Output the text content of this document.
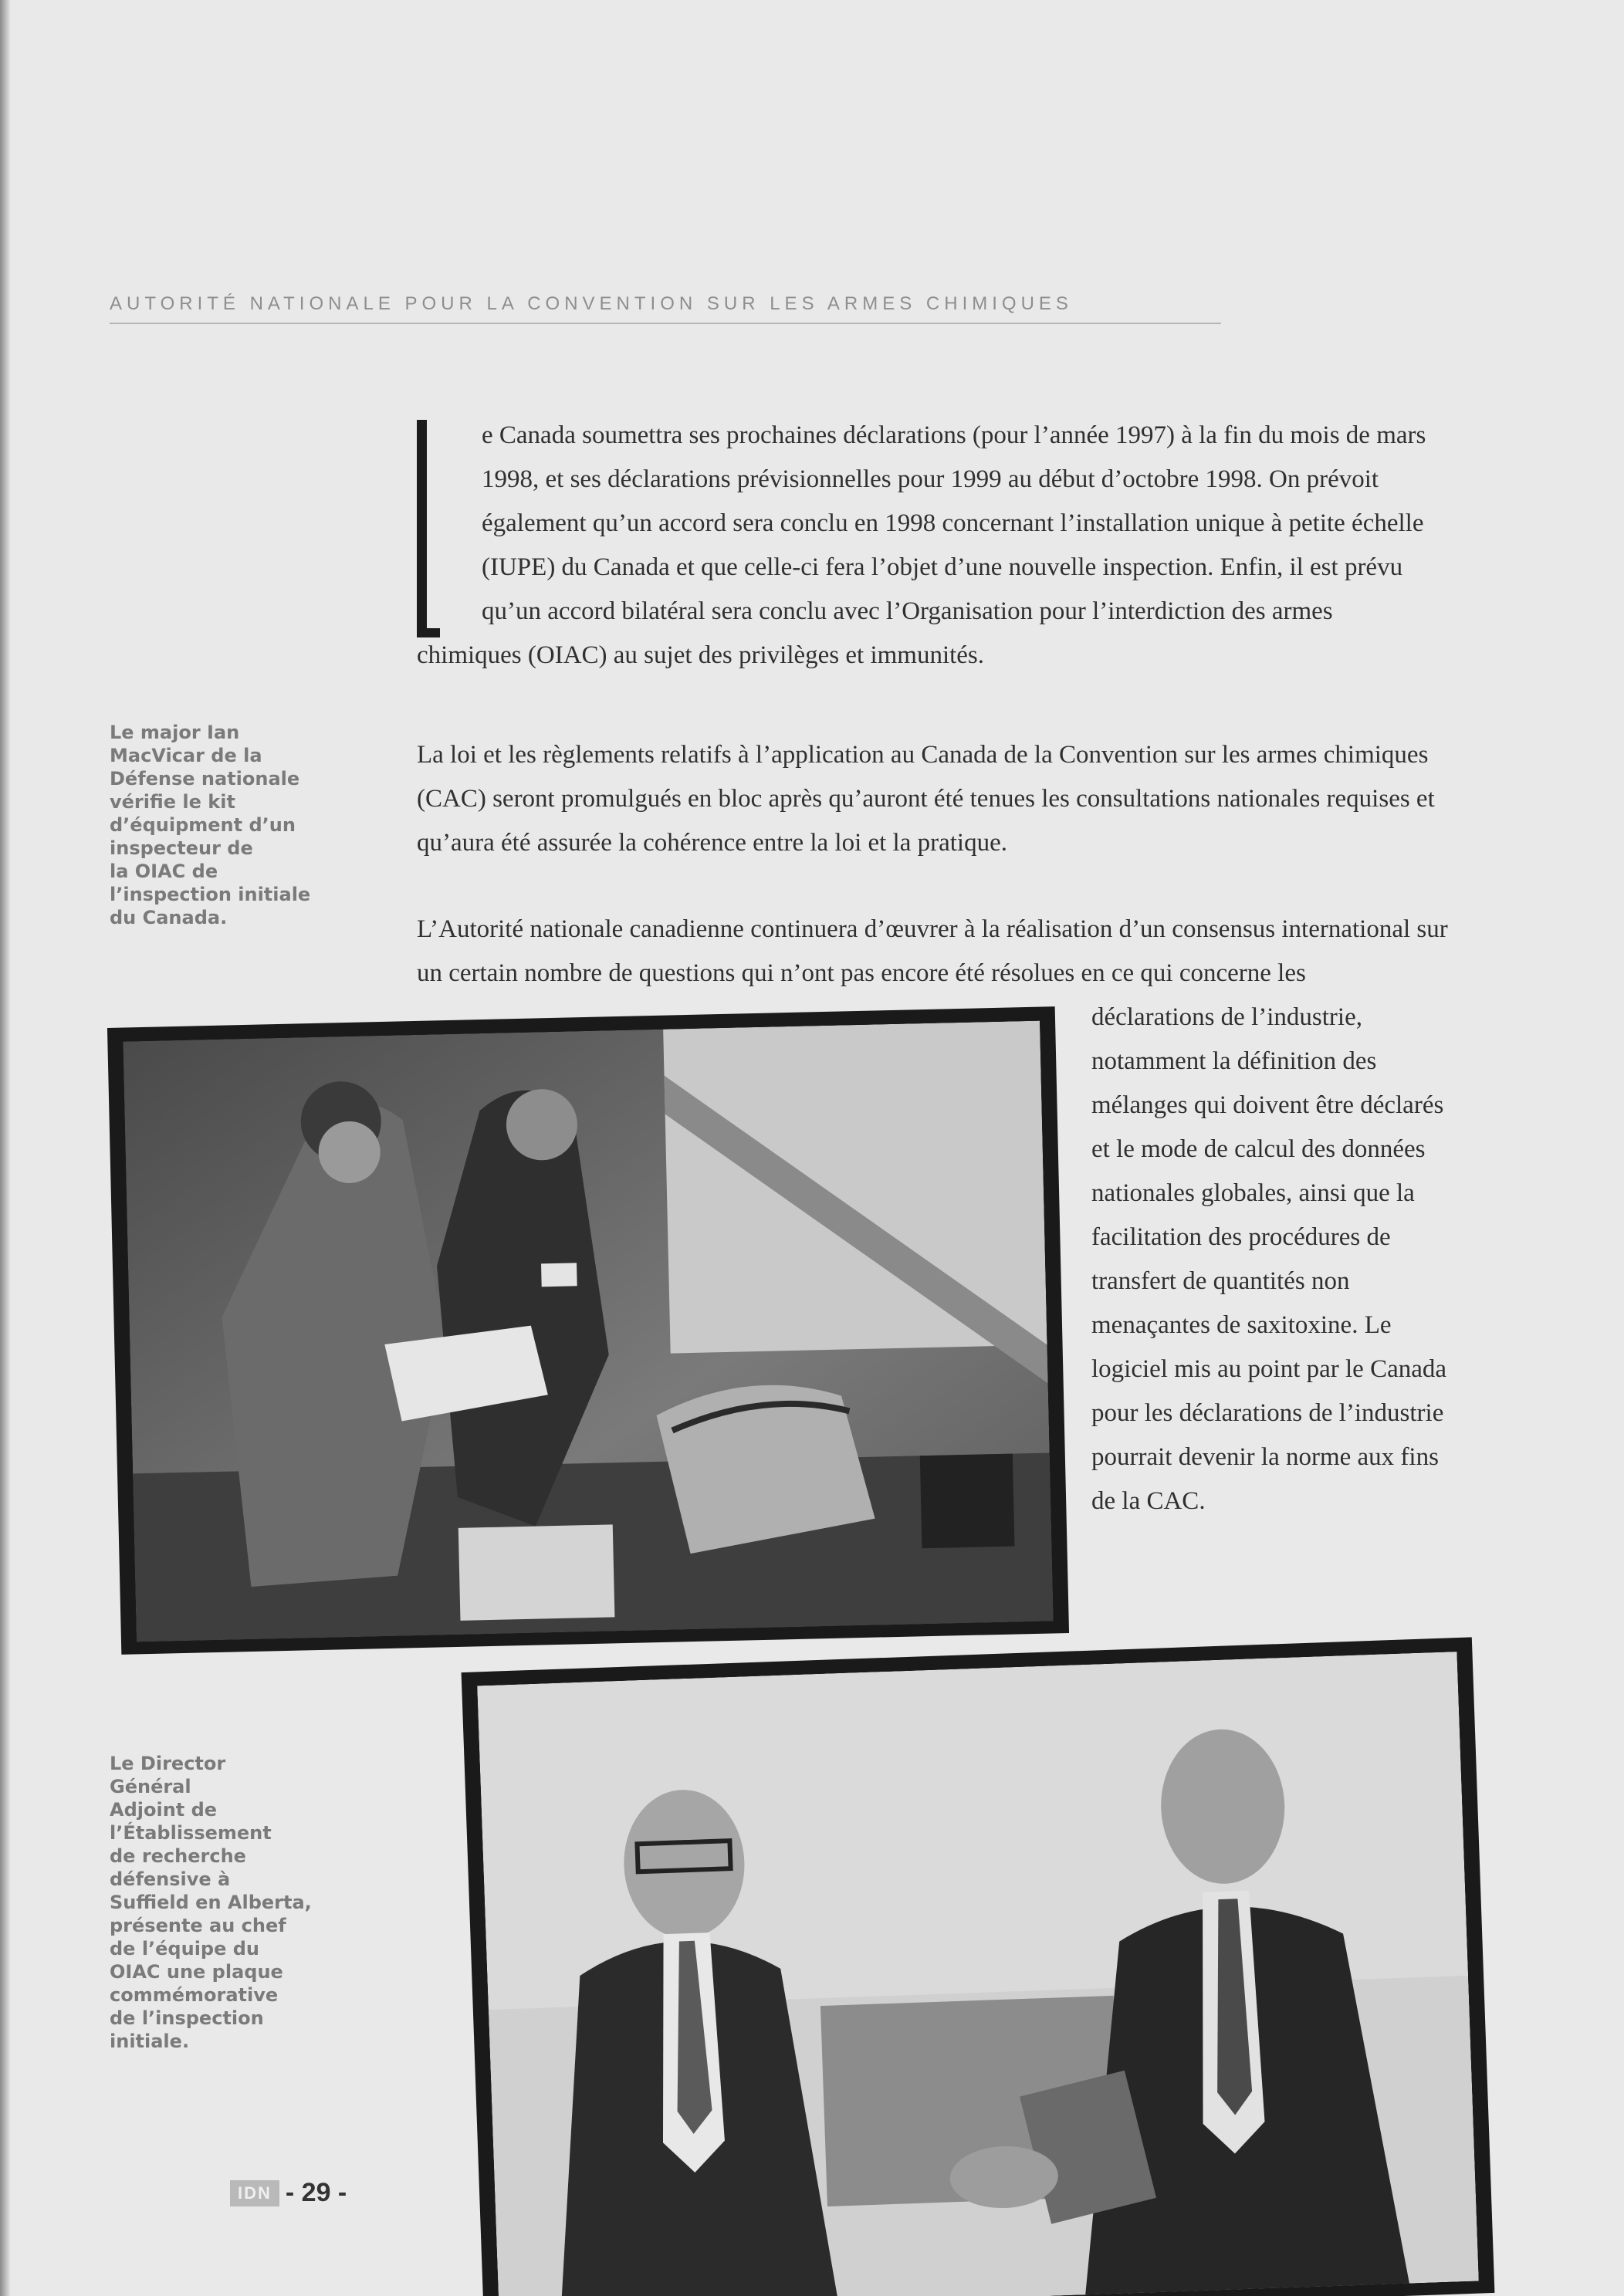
AUTORITÉ NATIONALE POUR LA CONVENTION SUR LES ARMES CHIMIQUES
e Canada soumettra ses prochaines déclarations (pour l’année 1997) à la fin du mois de mars
1998, et ses déclarations prévisionnelles pour 1999 au début d’octobre 1998. On prévoit
également qu’un accord sera conclu en 1998 concernant l’installation unique à petite échelle
(IUPE) du Canada et que celle-ci fera l’objet d’une nouvelle inspection. Enfin, il est prévu
qu’un accord bilatéral sera conclu avec l’Organisation pour l’interdiction des armes
chimiques (OIAC) au sujet des privilèges et immunités.

La loi et les règlements relatifs à l’application au Canada de la Convention sur les armes chimiques (CAC) seront promulgués en bloc après qu’auront été tenues les consultations nationales requises et qu’aura été assurée la cohérence entre la loi et la pratique.

L’Autorité nationale canadienne continuera d’œuvrer à la réalisation d’un consensus international sur un certain nombre de questions qui n’ont pas encore été résolues en ce qui concerne les

déclarations de l’industrie, notamment la définition des mélanges qui doivent être déclarés et le mode de calcul des données nationales globales, ainsi que la facilitation des procédures de transfert de quantités non menaçantes de saxitoxine. Le logiciel mis au point par le Canada pour les déclarations de l’industrie pourrait devenir la norme aux fins de la CAC.

Le major Ian
MacVicar de la
Défense nationale
vérifie le kit
d’équipment d’un
inspecteur de
la OIAC de
l’inspection initiale
du Canada.

Le Director
Général
Adjoint de
l’Établissement
de recherche
défensive à
Suffield en Alberta,
présente au chef
de l’équipe du
OIAC une plaque
commémorative
de l’inspection
initiale.

IDN - 29 -
